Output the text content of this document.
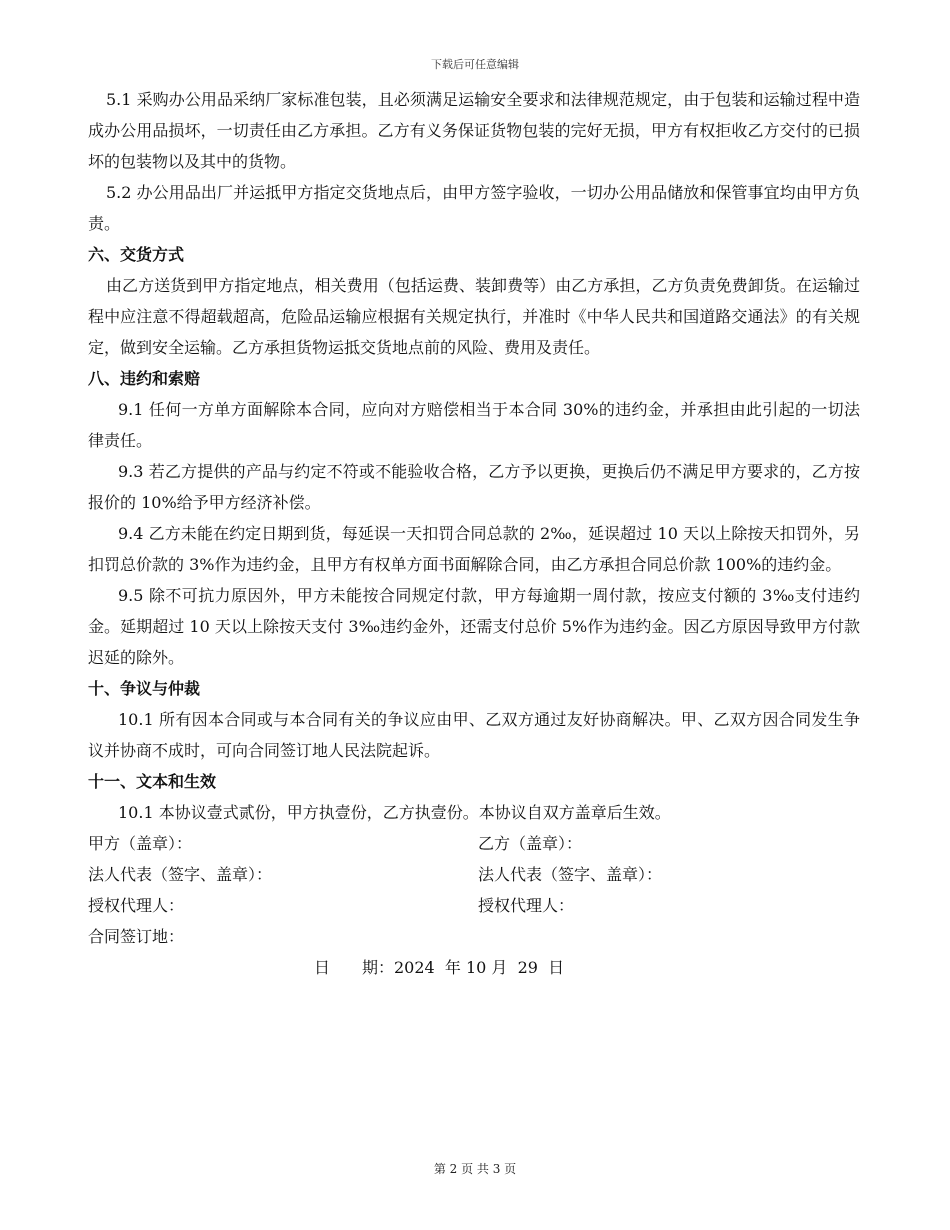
下载后可任意编辑

5.1 采购办公用品采纳厂家标准包装，且必须满足运输安全要求和法律规范规定，由于包装和运输过程中造成办公用品损坏，一切责任由乙方承担。乙方有义务保证货物包装的完好无损，甲方有权拒收乙方交付的已损坏的包装物以及其中的货物。

5.2 办公用品出厂并运抵甲方指定交货地点后，由甲方签字验收，一切办公用品储放和保管事宜均由甲方负责。

六、交货方式

由乙方送货到甲方指定地点，相关费用（包括运费、装卸费等）由乙方承担，乙方负责免费卸货。在运输过程中应注意不得超载超高，危险品运输应根据有关规定执行，并准时《中华人民共和国道路交通法》的有关规定，做到安全运输。乙方承担货物运抵交货地点前的风险、费用及责任。

八、违约和索赔

9.1 任何一方单方面解除本合同，应向对方赔偿相当于本合同 30%的违约金，并承担由此引起的一切法律责任。

9.3 若乙方提供的产品与约定不符或不能验收合格，乙方予以更换，更换后仍不满足甲方要求的，乙方按报价的 10%给予甲方经济补偿。

9.4 乙方未能在约定日期到货，每延误一天扣罚合同总款的 2‰，延误超过 10 天以上除按天扣罚外，另扣罚总价款的 3%作为违约金，且甲方有权单方面书面解除合同，由乙方承担合同总价款 100%的违约金。

9.5 除不可抗力原因外，甲方未能按合同规定付款，甲方每逾期一周付款，按应支付额的 3‰支付违约金。延期超过 10 天以上除按天支付 3‰违约金外，还需支付总价 5%作为违约金。因乙方原因导致甲方付款迟延的除外。

十、争议与仲裁

10.1 所有因本合同或与本合同有关的争议应由甲、乙双方通过友好协商解决。甲、乙双方因合同发生争议并协商不成时，可向合同签订地人民法院起诉。

十一、文本和生效

10.1 本协议壹式贰份，甲方执壹份，乙方执壹份。本协议自双方盖章后生效。

甲方（盖章）：	乙方（盖章）：
法人代表（签字、盖章）：	法人代表（签字、盖章）：
授权代理人：	授权代理人：
合同签订地：
日　　期：2024  年 10 月  29  日
第 2 页 共 3 页
